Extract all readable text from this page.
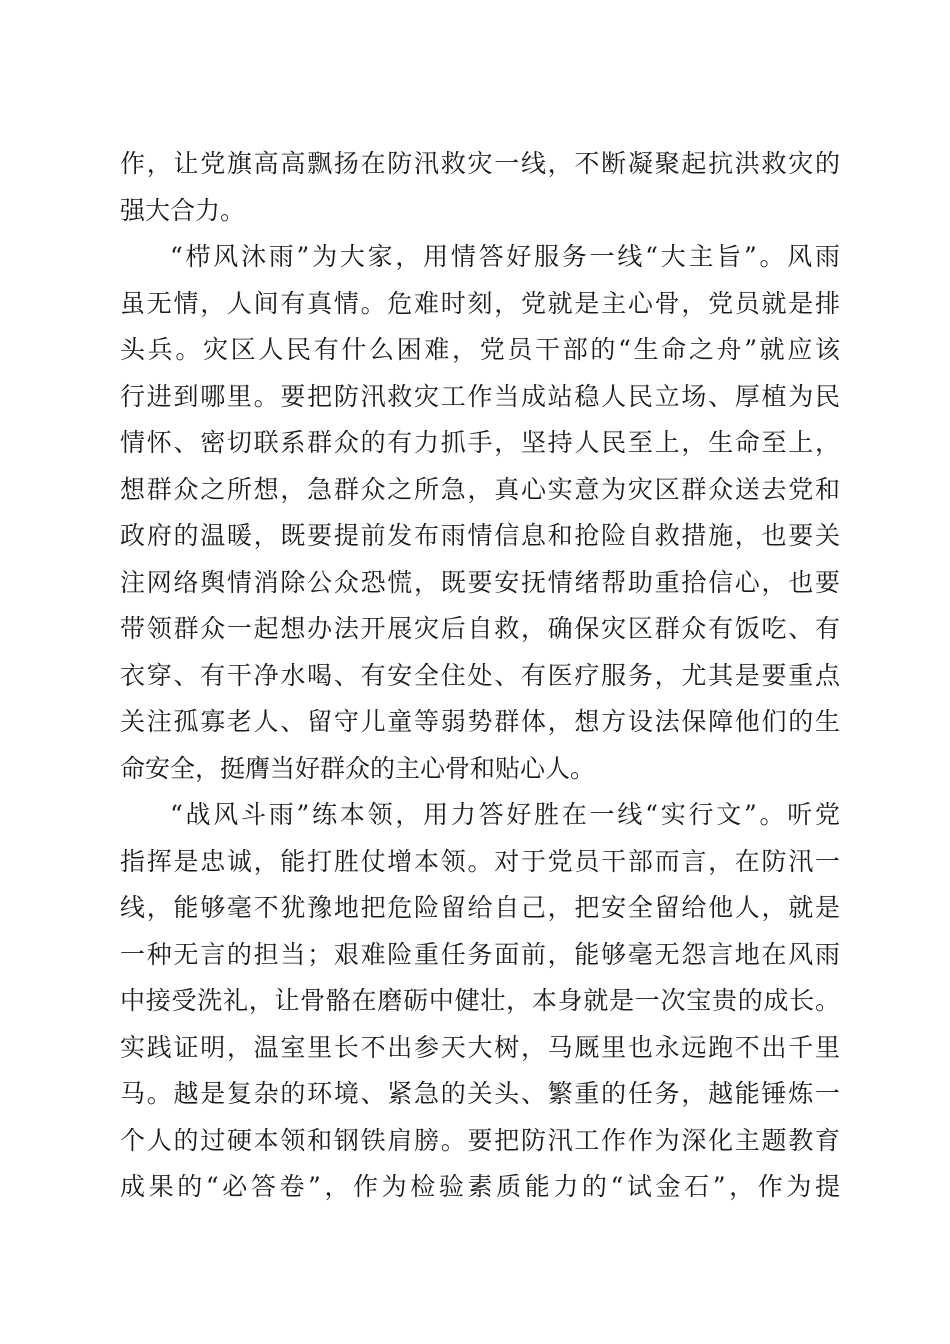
作，让党旗高高飘扬在防汛救灾一线，不断凝聚起抗洪救灾的
强大合力。
“栉风沐雨”为大家，用情答好服务一线“大主旨”。风雨
虽无情，人间有真情。危难时刻，党就是主心骨，党员就是排
头兵。灾区人民有什么困难，党员干部的“生命之舟”就应该
行进到哪里。要把防汛救灾工作当成站稳人民立场、厚植为民
情怀、密切联系群众的有力抓手，坚持人民至上，生命至上，
想群众之所想，急群众之所急，真心实意为灾区群众送去党和
政府的温暖，既要提前发布雨情信息和抢险自救措施，也要关
注网络舆情消除公众恐慌，既要安抚情绪帮助重拾信心，也要
带领群众一起想办法开展灾后自救，确保灾区群众有饭吃、有
衣穿、有干净水喝、有安全住处、有医疗服务，尤其是要重点
关注孤寡老人、留守儿童等弱势群体，想方设法保障他们的生
命安全，挺膺当好群众的主心骨和贴心人。
“战风斗雨”练本领，用力答好胜在一线“实行文”。听党
指挥是忠诚，能打胜仗增本领。对于党员干部而言，在防汛一
线，能够毫不犹豫地把危险留给自己，把安全留给他人，就是
一种无言的担当；艰难险重任务面前，能够毫无怨言地在风雨
中接受洗礼，让骨骼在磨砺中健壮，本身就是一次宝贵的成长。
实践证明，温室里长不出参天大树，马厩里也永远跑不出千里
马。越是复杂的环境、紧急的关头、繁重的任务，越能锤炼一
个人的过硬本领和钢铁肩膀。要把防汛工作作为深化主题教育
成果的“必答卷”，作为检验素质能力的“试金石”，作为提
